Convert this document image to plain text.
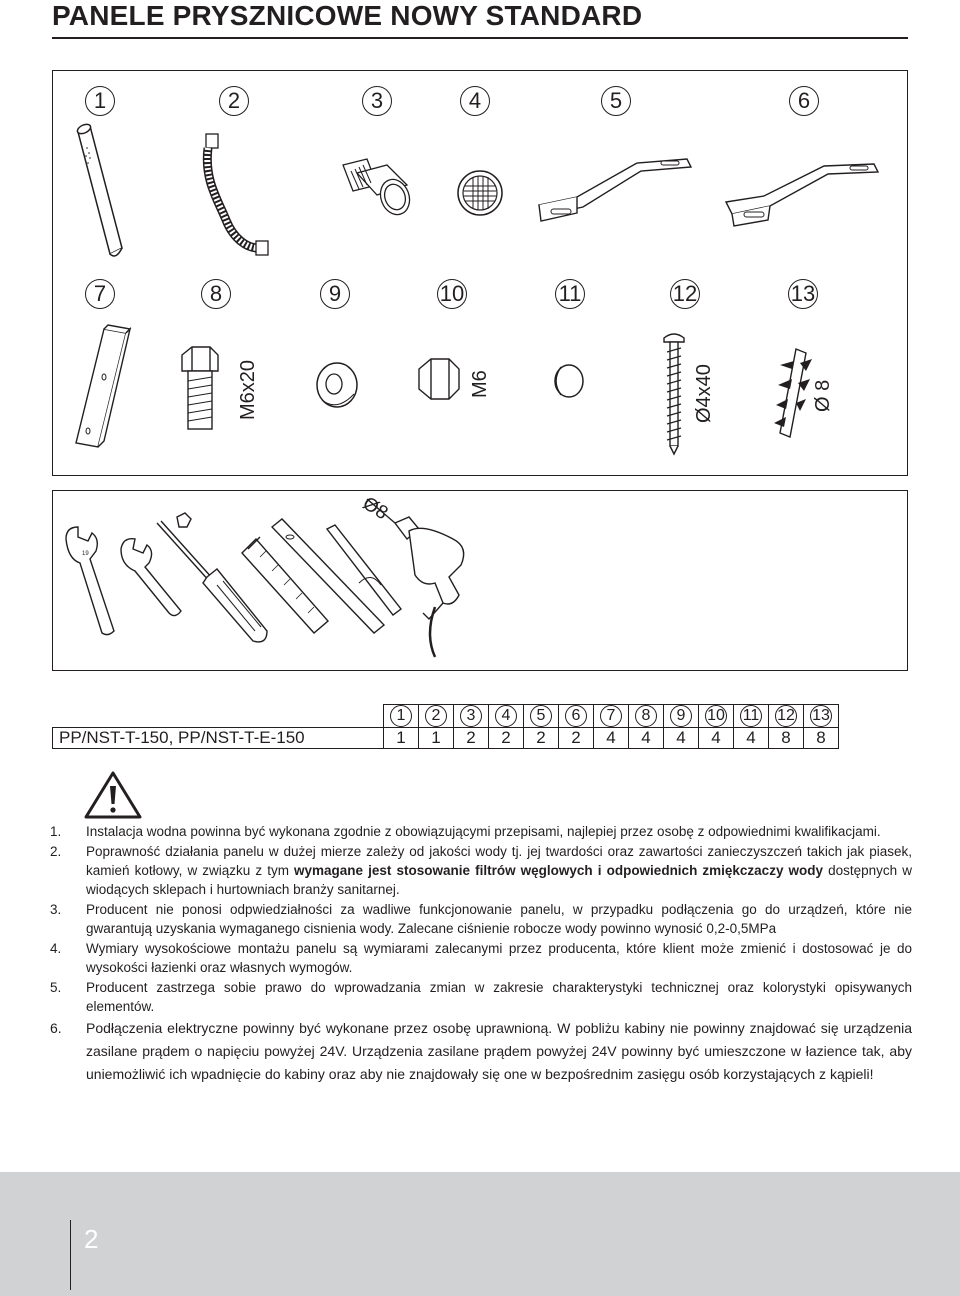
PANELE PRYSZNICOWE NOWY STANDARD
1	2	3	4	5	6
7	8	9	10	11	12	13
M6x20	M6	Ø4x40	Ø 8
19
Ø8
	1	2	3	4	5	6	7	8	9	10	11	12	13
PP/NST-T-150, PP/NST-T-E-150	1	1	2	2	2	2	4	4	4	4	4	8	8
1. Instalacja wodna powinna być wykonana zgodnie z obowiązującymi przepisami, najlepiej przez osobę z odpowiednimi kwalifikacjami.
2. Poprawność działania panelu w dużej mierze zależy od jakości wody tj. jej twardości oraz zawartości zanieczyszczeń takich jak piasek, kamień kotłowy, w związku z tym wymagane jest stosowanie filtrów węglowych i odpowiednich zmiękczaczy wody dostępnych w wiodących sklepach i hurtowniach branży sanitarnej.
3. Producent nie ponosi odpwiedziałności za wadliwe funkcjonowanie panelu, w przypadku podłączenia go do urządzeń, które nie gwarantują uzyskania wymaganego cisnienia wody. Zalecane ciśnienie robocze wody powinno wynosić 0,2-0,5MPa
4. Wymiary wysokościowe montażu panelu są wymiarami zalecanymi przez producenta, które klient może zmienić i dostosować je do wysokości łazienki oraz własnych wymogów.
5. Producent zastrzega sobie prawo do wprowadzania zmian w zakresie charakterystyki technicznej oraz kolorystyki opisywanych elementów.
6. Podłączenia elektryczne powinny być wykonane przez osobę uprawnioną. W pobliżu kabiny nie powinny znajdować się urządzenia zasilane prądem o napięciu powyżej 24V. Urządzenia zasilane prądem powyżej 24V powinny być umieszczone w łazience tak, aby uniemożliwić ich wpadnięcie do kabiny oraz aby nie znajdowały się one w bezpośrednim zasięgu osób korzystających z kąpieli!
2
